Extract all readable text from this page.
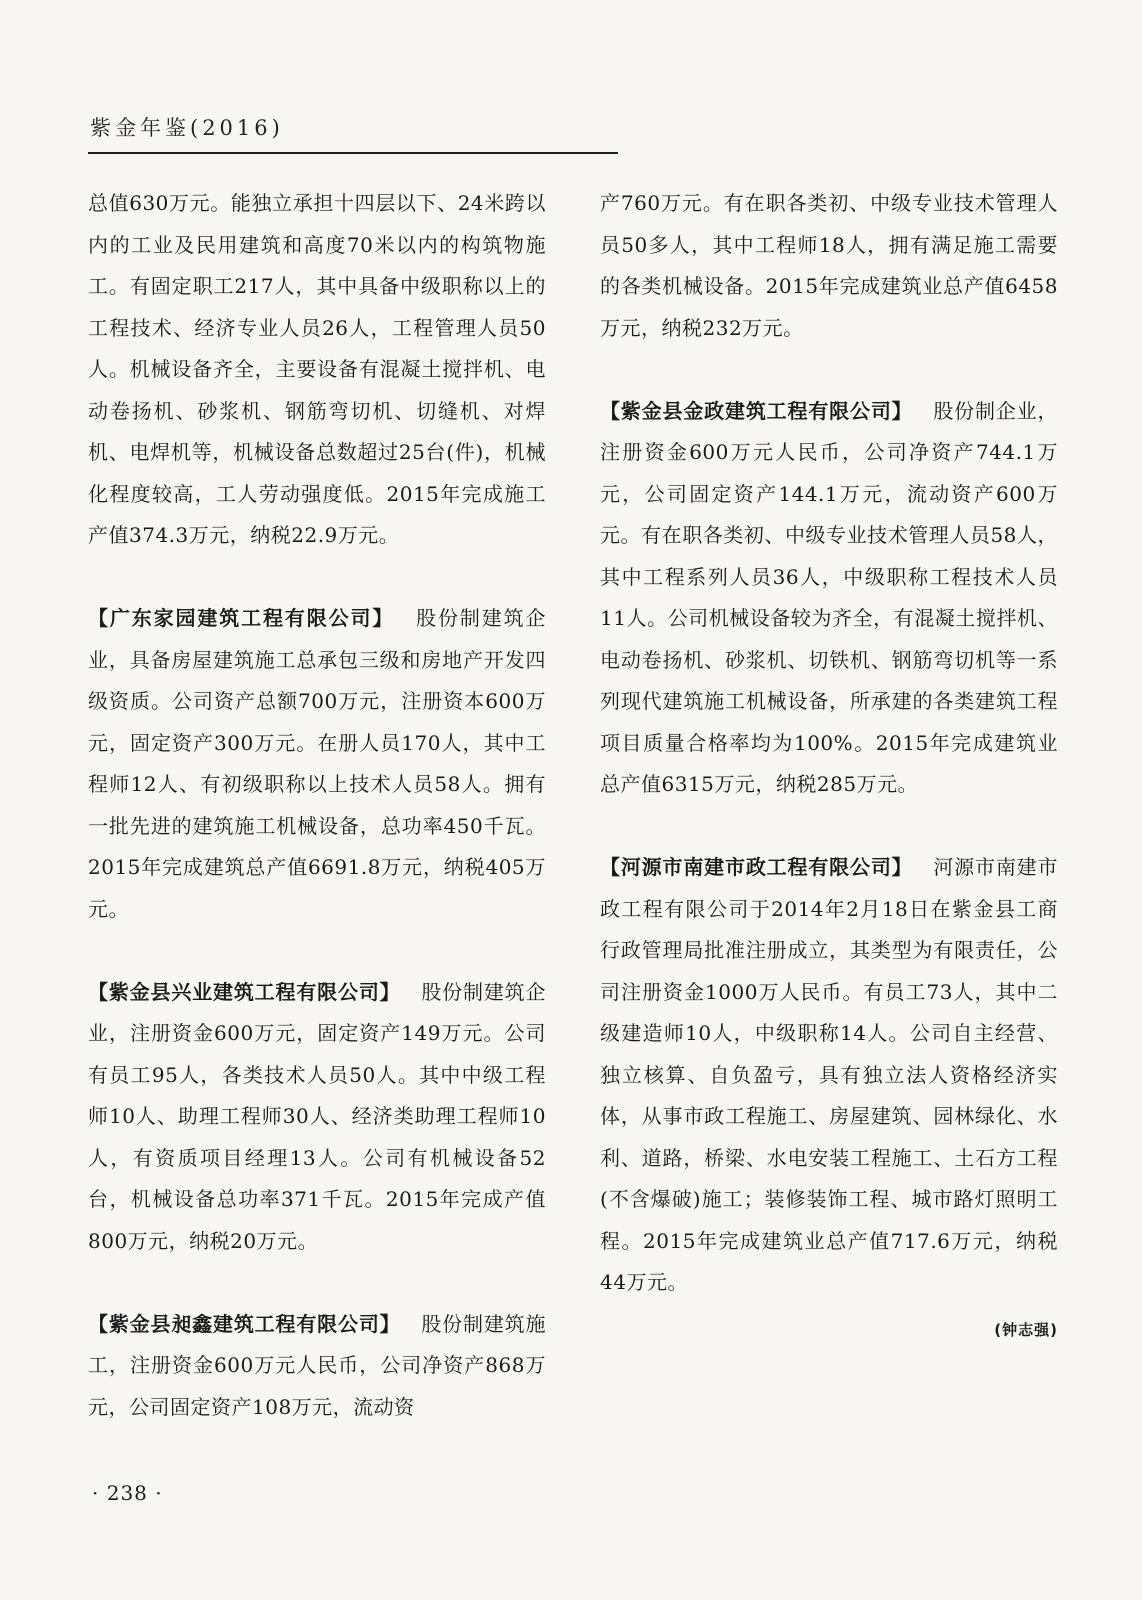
紫金年鉴(2016)

总值630万元。能独立承担十四层以下、24米跨以内的工业及民用建筑和高度70米以内的构筑物施工。有固定职工217人，其中具备中级职称以上的工程技术、经济专业人员26人，工程管理人员50人。机械设备齐全，主要设备有混凝土搅拌机、电动卷扬机、砂浆机、钢筋弯切机、切缝机、对焊机、电焊机等，机械设备总数超过25台(件)，机械化程度较高，工人劳动强度低。2015年完成施工产值374.3万元，纳税22.9万元。

【广东家园建筑工程有限公司】  股份制建筑企业，具备房屋建筑施工总承包三级和房地产开发四级资质。公司资产总额700万元，注册资本600万元，固定资产300万元。在册人员170人，其中工程师12人、有初级职称以上技术人员58人。拥有一批先进的建筑施工机械设备，总功率450千瓦。2015年完成建筑总产值6691.8万元，纳税405万元。

【紫金县兴业建筑工程有限公司】  股份制建筑企业，注册资金600万元，固定资产149万元。公司有员工95人，各类技术人员50人。其中中级工程师10人、助理工程师30人、经济类助理工程师10人，有资质项目经理13人。公司有机械设备52台，机械设备总功率371千瓦。2015年完成产值800万元，纳税20万元。

【紫金县昶鑫建筑工程有限公司】  股份制建筑施工，注册资金600万元人民币，公司净资产868万元，公司固定资产108万元，流动资

产760万元。有在职各类初、中级专业技术管理人员50多人，其中工程师18人，拥有满足施工需要的各类机械设备。2015年完成建筑业总产值6458万元，纳税232万元。

【紫金县金政建筑工程有限公司】  股份制企业，注册资金600万元人民币，公司净资产744.1万元，公司固定资产144.1万元，流动资产600万元。有在职各类初、中级专业技术管理人员58人，其中工程系列人员36人，中级职称工程技术人员11人。公司机械设备较为齐全，有混凝土搅拌机、电动卷扬机、砂浆机、切铁机、钢筋弯切机等一系列现代建筑施工机械设备，所承建的各类建筑工程项目质量合格率均为100%。2015年完成建筑业总产值6315万元，纳税285万元。

【河源市南建市政工程有限公司】  河源市南建市政工程有限公司于2014年2月18日在紫金县工商行政管理局批准注册成立，其类型为有限责任，公司注册资金1000万人民币。有员工73人，其中二级建造师10人，中级职称14人。公司自主经营、独立核算、自负盈亏，具有独立法人资格经济实体，从事市政工程施工、房屋建筑、园林绿化、水利、道路，桥梁、水电安装工程施工、土石方工程(不含爆破)施工；装修装饰工程、城市路灯照明工程。2015年完成建筑业总产值717.6万元，纳税44万元。

(钟志强)

· 238 ·
